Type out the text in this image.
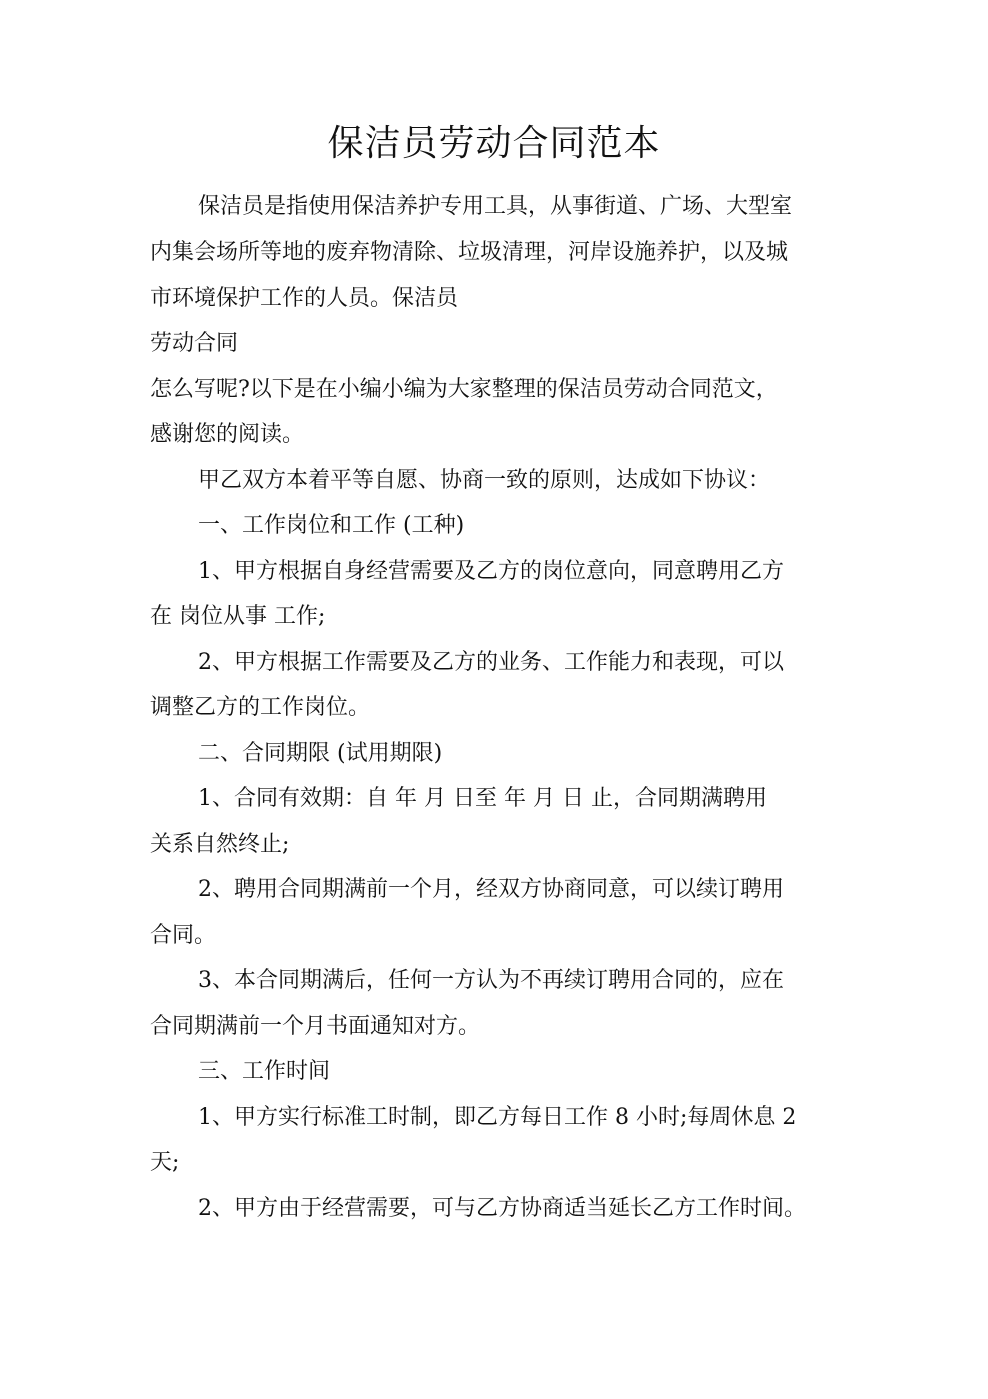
保洁员劳动合同范本
保洁员是指使用保洁养护专用工具，从事街道、广场、大型室
内集会场所等地的废弃物清除、垃圾清理，河岸设施养护，以及城
市环境保护工作的人员。保洁员
劳动合同
怎么写呢?以下是在小编小编为大家整理的保洁员劳动合同范文，
感谢您的阅读。
甲乙双方本着平等自愿、协商一致的原则，达成如下协议：
一、工作岗位和工作 (工种)
1、甲方根据自身经营需要及乙方的岗位意向，同意聘用乙方
在 岗位从事 工作;
2、甲方根据工作需要及乙方的业务、工作能力和表现，可以
调整乙方的工作岗位。
二、合同期限 (试用期限)
1、合同有效期：自 年 月 日至 年 月 日 止，合同期满聘用
关系自然终止;
2、聘用合同期满前一个月，经双方协商同意，可以续订聘用
合同。
3、本合同期满后，任何一方认为不再续订聘用合同的，应在
合同期满前一个月书面通知对方。
三、工作时间
1、甲方实行标准工时制，即乙方每日工作 8 小时;每周休息 2
天;
2、甲方由于经营需要，可与乙方协商适当延长乙方工作时间。
